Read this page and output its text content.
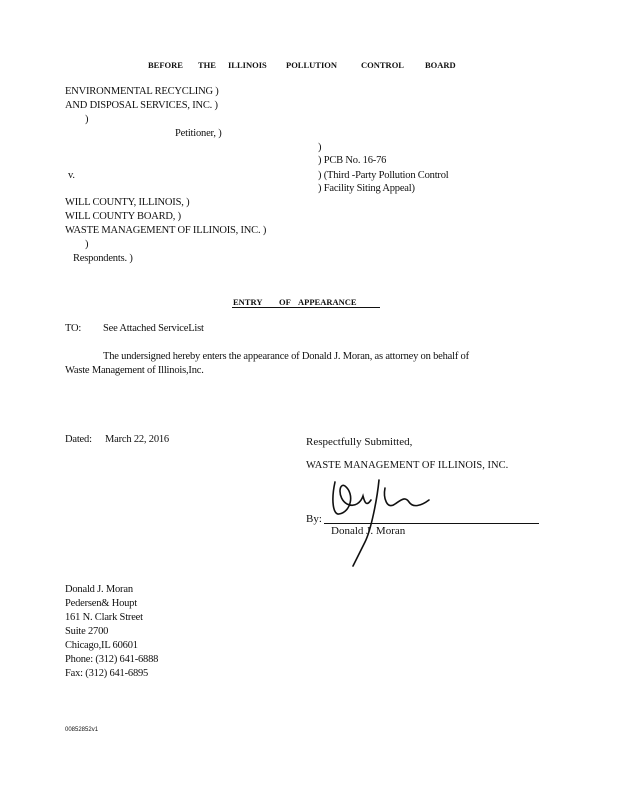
BEFORE THE ILLINOIS POLLUTION	CONTROL BOARD
ENVIRONMENTAL RECYCLING )
AND DISPOSAL SERVICES, INC. )
)
Petitioner, )
)
) PCB No. 16-76
v.	) (Third -Party Pollution Control
) Facility Siting Appeal)
WILL COUNTY, ILLINOIS, )
WILL COUNTY BOARD, )
WASTE MANAGEMENT OF ILLINOIS, INC. )
)
Respondents. )
ENTRY OF APPEARANCE
TO: See Attached ServiceList
The undersigned hereby enters the appearance of Donald J. Moran, as attorney on behalf of
Waste Management of Illinois,Inc.
Dated: March 22, 2016	Respectfully Submitted,
WASTE MANAGEMENT OF ILLINOIS, INC.
By:
Donald J. Moran
Donald J. Moran
Pedersen& Houpt
161 N. Clark Street
Suite 2700
Chicago,IL 60601
Phone: (312) 641-6888
Fax: (312) 641-6895
00852852v1
